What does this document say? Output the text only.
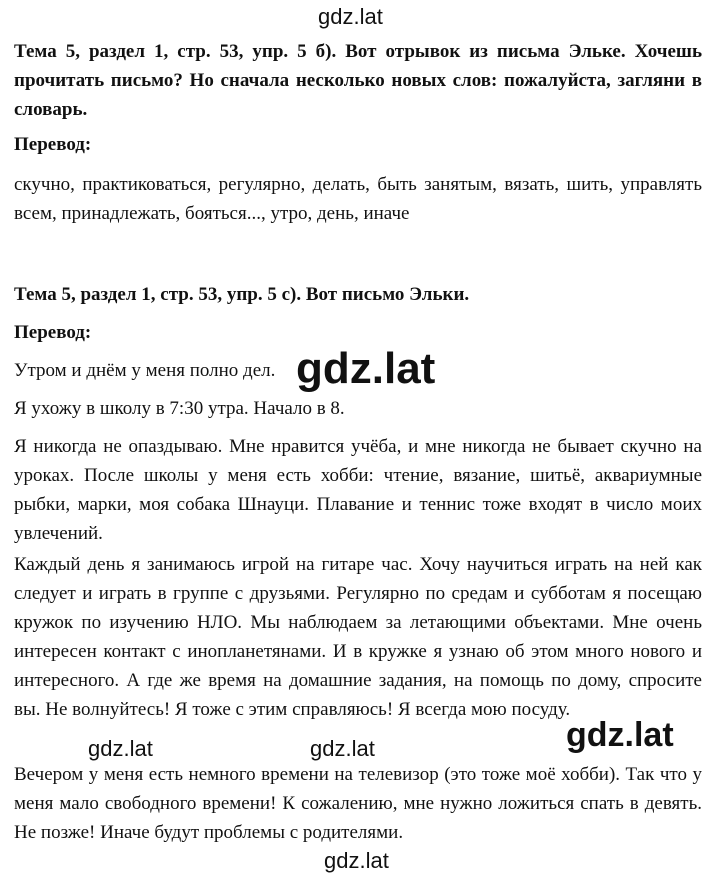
gdz.lat
Тема 5, раздел 1, стр. 53, упр. 5 б). Вот отрывок из письма Эльке. Хочешь прочитать письмо? Но сначала несколько новых слов: пожалуйста, загляни в словарь.
Перевод:
скучно, практиковаться, регулярно, делать, быть занятым, вязать, шить, управлять всем, принадлежать, бояться..., утро, день, иначе
Тема 5, раздел 1, стр. 53, упр. 5 с). Вот письмо Эльки.
Перевод:
Утром и днём у меня полно дел.
Я ухожу в школу в 7:30 утра. Начало в 8.
Я никогда не опаздываю. Мне нравится учёба, и мне никогда не бывает скучно на уроках. После школы у меня есть хобби: чтение, вязание, шитьё, аквариумные рыбки, марки, моя собака Шнауци. Плавание и теннис тоже входят в число моих увлечений.
Каждый день я занимаюсь игрой на гитаре час. Хочу научиться играть на ней как следует и играть в группе с друзьями. Регулярно по средам и субботам я посещаю кружок по изучению НЛО. Мы наблюдаем за летающими объектами. Мне очень интересен контакт с инопланетянами. И в кружке я узнаю об этом много нового и интересного. А где же время на домашние задания, на помощь по дому, спросите вы. Не волнуйтесь! Я тоже с этим справляюсь! Я всегда мою посуду.
Вечером у меня есть немного времени на телевизор (это тоже моё хобби). Так что у меня мало свободного времени! К сожалению, мне нужно ложиться спать в девять. Не позже! Иначе будут проблемы с родителями.
gdz.lat
gdz.lat	gdz.lat	gdz.lat
gdz.lat
